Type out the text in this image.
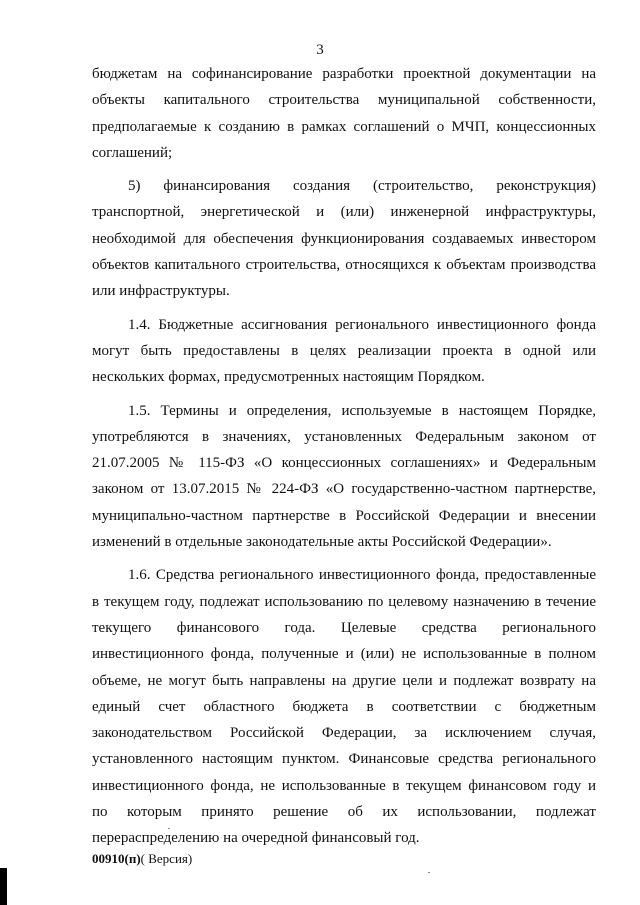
3
бюджетам на софинансирование разработки проектной документации на
объекты капитального строительства муниципальной собственности,
предполагаемые к созданию в рамках соглашений о МЧП, концессионных
соглашений;
5) финансирования создания (строительство, реконструкция)
транспортной, энергетической и (или) инженерной инфраструктуры,
необходимой для обеспечения функционирования создаваемых инвестором
объектов капитального строительства, относящихся к объектам производства
или инфраструктуры.
1.4. Бюджетные ассигнования регионального инвестиционного фонда
могут быть предоставлены в целях реализации проекта в одной или
нескольких формах, предусмотренных настоящим Порядком.
1.5. Термины и определения, используемые в настоящем Порядке,
употребляются в значениях, установленных Федеральным законом от
21.07.2005 № 115-ФЗ «О концессионных соглашениях» и Федеральным
законом от 13.07.2015 № 224-ФЗ «О государственно-частном партнерстве,
муниципально-частном партнерстве в Российской Федерации и внесении
изменений в отдельные законодательные акты Российской Федерации».
1.6. Средства регионального инвестиционного фонда, предоставленные
в текущем году, подлежат использованию по целевому назначению в течение
текущего финансового года. Целевые средства регионального
инвестиционного фонда, полученные и (или) не использованные в полном
объеме, не могут быть направлены на другие цели и подлежат возврату на
единый счет областного бюджета в соответствии с бюджетным
законодательством Российской Федерации, за исключением случая,
установленного настоящим пунктом. Финансовые средства регионального
инвестиционного фонда, не использованные в текущем финансовом году и
по которым принято решение об их использовании, подлежат
перераспределению на очередной финансовый год.
00910(п)( Версия)
